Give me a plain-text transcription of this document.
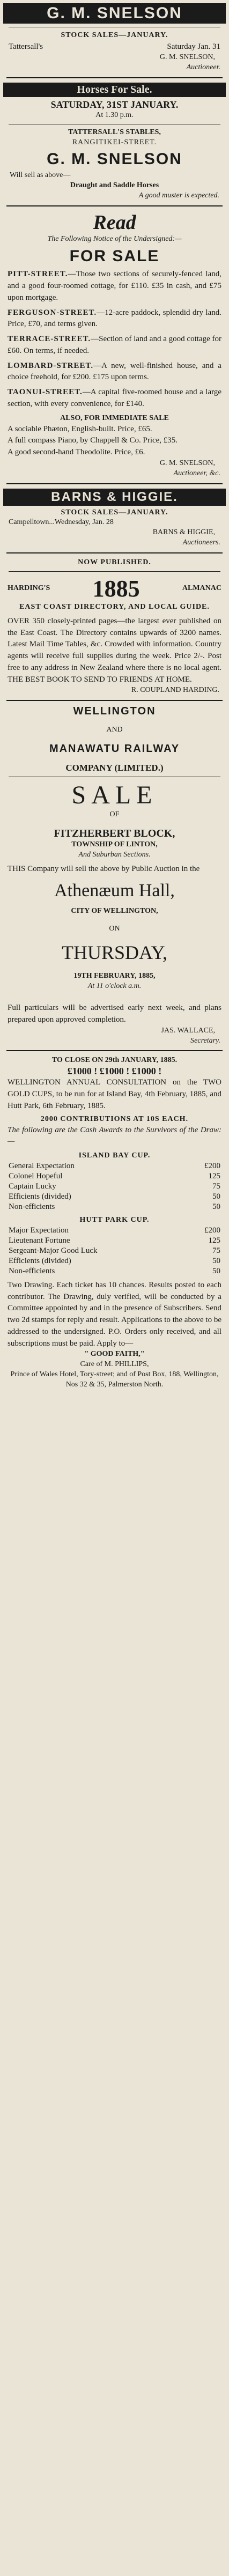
G. M. SNELSON
STOCK SALES—JANUARY.
Tattersall's	Saturday Jan. 31
G. M. SNELSON,
Auctioneer.
Horses For Sale.
SATURDAY, 31ST JANUARY.
At 1.30 p.m.
TATTERSALL'S STABLES,
RANGITIKEI-STREET.
G. M. SNELSON
Will sell as above—
Draught and Saddle Horses
A good muster is expected.
Read
The Following Notice of the Undersigned:—
FOR SALE
PITT-STREET.—Those two sections of securely-fenced land, and a good four-roomed cottage, for £110. £35 in cash, and £75 upon mortgage.
FERGUSON-STREET.—12-acre paddock, splendid dry land. Price, £70, and terms given.
TERRACE-STREET.—Section of land and a good cottage for £60. On terms, if needed.
LOMBARD-STREET.—A new, well-finished house, and a choice freehold, for £200. £175 upon terms.
TAONUI-STREET.—A capital five-roomed house and a large section, with every convenience, for £140.
ALSO, FOR IMMEDIATE SALE
A sociable Phæton, English-built. Price, £65.
A full compass Piano, by Chappell & Co. Price, £35.
A good second-hand Theodolite. Price, £6.
G. M. SNELSON,
Auctioneer, &c.
BARNS & HIGGIE.
STOCK SALES—JANUARY.
Campelltown...Wednesday, Jan. 28
BARNS & HIGGIE,
Auctioneers.
NOW PUBLISHED.
HARDING'S 1885	ALMANAC
EAST COAST DIRECTORY, AND LOCAL GUIDE.
OVER 350 closely-printed pages—the largest ever published on the East Coast. The Directory contains upwards of 3200 names. Latest Mail Time Tables, &c. Crowded with information. Country agents will receive full supplies during the week. Price 2/-. Post free to any address in New Zealand where there is no local agent. THE BEST BOOK TO SEND TO FRIENDS AT HOME.
R. COUPLAND HARDING.
WELLINGTON
AND
MANAWATU RAILWAY
COMPANY (LIMITED.)
SALE
OF
FITZHERBERT BLOCK,
TOWNSHIP OF LINTON,
And Suburban Sections.
THIS Company will sell the above by Public Auction in the
Athenæum Hall,
CITY OF WELLINGTON,
ON
THURSDAY,
19TH FEBRUARY, 1885,
At 11 o'clock a.m.
Full particulars will be advertised early next week, and plans prepared upon approved completion.
JAS. WALLACE,
Secretary.
TO CLOSE ON 29th JANUARY, 1885.
£1000 ! £1000 ! £1000 !
WELLINGTON ANNUAL CONSULTATION on the TWO GOLD CUPS, to be run for at Island Bay, 4th February, 1885, and Hutt Park, 6th February, 1885.
2000 CONTRIBUTIONS AT 10S EACH.
The following are the Cash Awards to the Survivors of the Draw:—
ISLAND BAY CUP.
General Expectation	£200
Colonel Hopeful	125
Captain Lucky	75
Efficients (divided)	50
Non-efficients	50
HUTT PARK CUP.
Major Expectation	£200
Lieutenant Fortune	125
Sergeant-Major Good Luck	75
Efficients (divided)	50
Non-efficients	50
Two Drawing. Each ticket has 10 chances. Results posted to each contributor. The Drawing, duly verified, will be conducted by a Committee appointed by and in the presence of Subscribers. Send two 2d stamps for reply and result. Applications to the above to be addressed to the undersigned. P.O. Orders only received, and all subscriptions must be paid. Apply to—
" GOOD FAITH,"
Care of M. PHILLIPS,
Prince of Wales Hotel, Tory-street; and of Post Box, 188, Wellington,
Nos 32 & 35, Palmerston North.
